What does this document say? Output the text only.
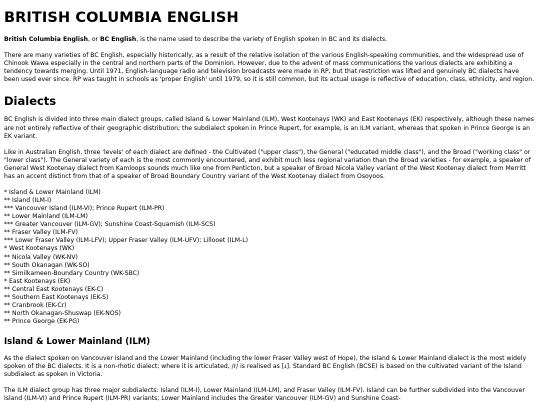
BRITISH COLUMBIA ENGLISH

British Columbia English, or BC English, is the name used to describe the variety of English spoken in BC and its dialects.

There are many varieties of BC English, especially historically, as a result of the relative isolation of the various English-speaking communities, and the widespread use of Chinook Wawa especially in the central and northern parts of the Dominion. However, due to the advent of mass communications the various dialects are exhibiting a tendency towards merging. Until 1971, English-language radio and television broadcasts were made in RP, but that restriction was lifted and genuinely BC dialects have been used ever since. RP was taught in schools as 'proper English' until 1979, so it is still common, but its actual usage is reflective of education, class, ethnicity, and region.

Dialects

BC English is divided into three main dialect groups, called Island & Lower Mainland (ILM), West Kootenays (WK) and East Kootenays (EK) respectively, although these names are not entirely reflective of their geographic distribution; the subdialect spoken in Prince Rupert, for example, is an ILM variant, whereas that spoken in Prince George is an EK variant.

Like in Australian English, three 'levels' of each dialect are defined - the Cultivated ("upper class"), the General ("educated middle class"), and the Broad ("working class" or "lower class"). The General variety of each is the most commonly encountered, and exhibit much less regional variation than the Broad varieties - for example, a speaker of General West Kootenay dialect from Kamloops sounds much like one from Penticton, but a speaker of Broad Nicola Valley variant of the West Kootenay dialect from Merritt has an accent distinct from that of a speaker of Broad Boundary Country variant of the West Kootenay dialect from Osoyoos.

* Island & Lower Mainland (ILM)
** Island (ILM-I)
*** Vancouver Island (ILM-VI); Prince Rupert (ILM-PR)
** Lower Mainland (ILM-LM)
*** Greater Vancouver (ILM-GV); Sunshine Coast-Squamish (ILM-SCS)
** Fraser Valley (ILM-FV)
*** Lower Fraser Valley (ILM-LFV); Upper Fraser Valley (ILM-UFV); Lillooet (ILM-L)
* West Kootenays (WK)
** Nicola Valley (WK-NV)
** South Okanagan (WK-SO)
** Similkameen-Boundary Country (WK-SBC)
* East Kootenays (EK)
** Central East Kootenays (EK-C)
** Southern East Kootenays (EK-S)
** Cranbrook (EK-Cr)
** North Okanagan-Shuswap (EK-NOS)
** Prince George (EK-PG)
Island & Lower Mainland (ILM)

As the dialect spoken on Vancouver Island and the Lower Mainland (including the lower Fraser Valley west of Hope), the Island & Lower Mainland dialect is the most widely spoken of the BC dialects. It is a non-rhotic dialect; where it is articulated, /r/ is realised as [ɹ]. Standard BC English (BCSE) is based on the cultivated variant of the Island subdialect as spoken in Victoria.

The ILM dialect group has three major subdialects: Island (ILM-I), Lower Mainland (ILM-LM), and Fraser Valley (ILM-FV). Island can be further subdivided into the Vancouver Island (ILM-VI) and Prince Rupert (ILM-PR) variants; Lower Mainland includes the Greater Vancouver (ILM-GV) and Sunshine Coast-
